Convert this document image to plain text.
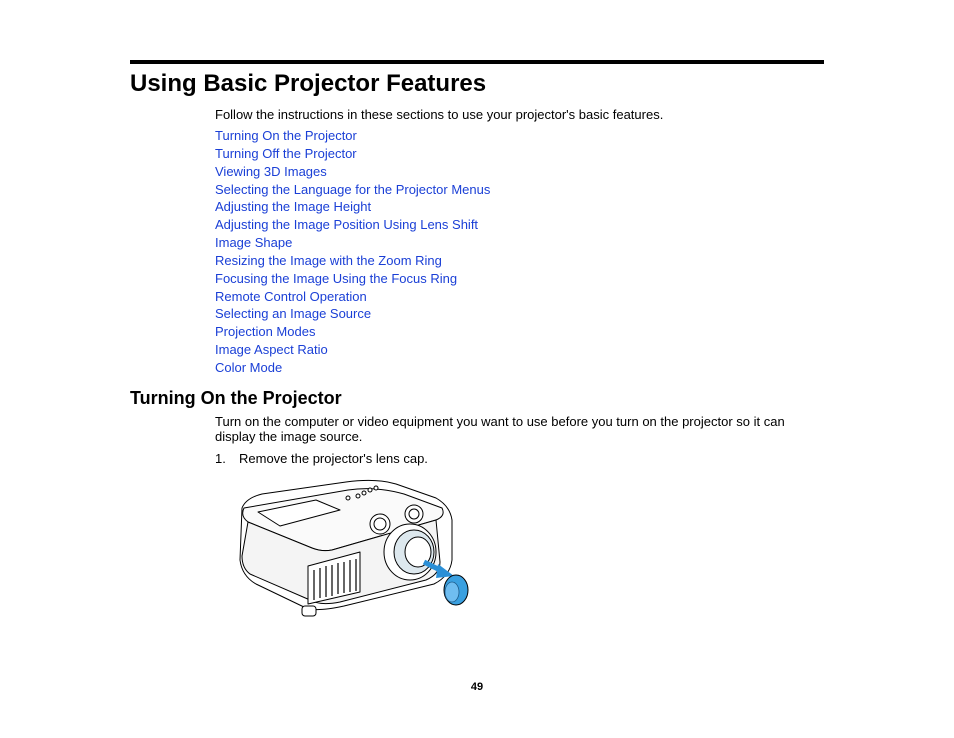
Using Basic Projector Features

Follow the instructions in these sections to use your projector's basic features.

Turning On the Projector
Turning Off the Projector
Viewing 3D Images
Selecting the Language for the Projector Menus
Adjusting the Image Height
Adjusting the Image Position Using Lens Shift
Image Shape
Resizing the Image with the Zoom Ring
Focusing the Image Using the Focus Ring
Remote Control Operation
Selecting an Image Source
Projection Modes
Image Aspect Ratio
Color Mode
Turning On the Projector

Turn on the computer or video equipment you want to use before you turn on the projector so it can display the image source.

1. Remove the projector's lens cap.
49
